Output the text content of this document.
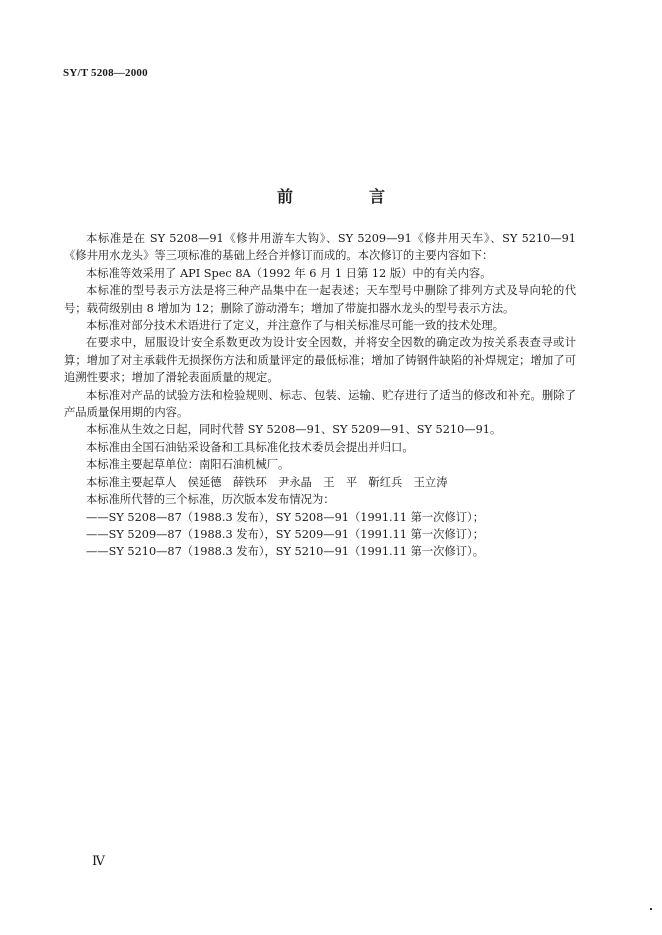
SY/T 5208—2000
前　言

本标准是在 SY 5208—91《修井用游车大钩》、SY 5209—91《修井用天车》、SY 5210—91《修井用水龙头》等三项标准的基础上经合并修订而成的。本次修订的主要内容如下：

本标准等效采用了 API Spec 8A（1992 年 6 月 1 日第 12 版）中的有关内容。

本标准的型号表示方法是将三种产品集中在一起表述；天车型号中删除了排列方式及导向轮的代号；载荷级别由 8 增加为 12；删除了游动滑车；增加了带旋扣器水龙头的型号表示方法。

本标准对部分技术术语进行了定义，并注意作了与相关标准尽可能一致的技术处理。

在要求中，屈服设计安全系数更改为设计安全因数，并将安全因数的确定改为按关系表查寻或计算；增加了对主承载件无损探伤方法和质量评定的最低标准；增加了铸钢件缺陷的补焊规定；增加了可追溯性要求；增加了滑轮表面质量的规定。

本标准对产品的试验方法和检验规则、标志、包装、运输、贮存进行了适当的修改和补充。删除了产品质量保用期的内容。

本标准从生效之日起，同时代替 SY 5208—91、SY 5209—91、SY 5210—91。

本标准由全国石油钻采设备和工具标准化技术委员会提出并归口。

本标准主要起草单位：南阳石油机械厂。

本标准主要起草人　侯延德　薛铁环　尹永晶　王　平　靳红兵　王立涛

本标准所代替的三个标准，历次版本发布情况为：

——SY 5208—87（1988.3 发布），SY 5208—91（1991.11 第一次修订）；

——SY 5209—87（1988.3 发布），SY 5209—91（1991.11 第一次修订）；

——SY 5210—87（1988.3 发布），SY 5210—91（1991.11 第一次修订）。

Ⅳ
